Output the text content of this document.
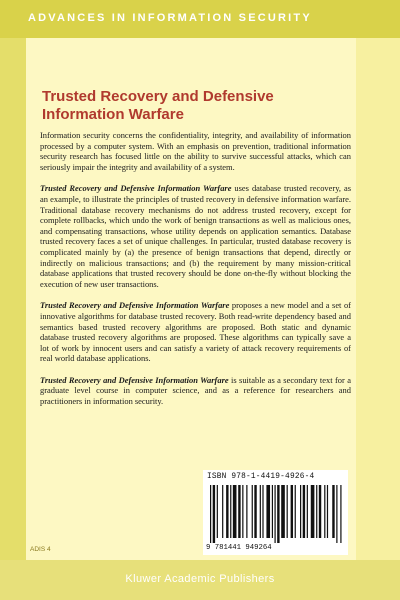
ADVANCES IN INFORMATION SECURITY
Trusted Recovery and Defensive Information Warfare

Information security concerns the confidentiality, integrity, and availability of information processed by a computer system. With an emphasis on prevention, traditional information security research has focused little on the ability to survive successful attacks, which can seriously impair the integrity and availability of a system.

Trusted Recovery and Defensive Information Warfare uses database trusted recovery, as an example, to illustrate the principles of trusted recovery in defensive information warfare. Traditional database recovery mechanisms do not address trusted recovery, except for complete rollbacks, which undo the work of benign transactions as well as malicious ones, and compensating transactions, whose utility depends on application semantics. Database trusted recovery faces a set of unique challenges. In particular, trusted database recovery is complicated mainly by (a) the presence of benign transactions that depend, directly or indirectly on malicious transactions; and (b) the requirement by many mission-critical database applications that trusted recovery should be done on-the-fly without blocking the execution of new user transactions.

Trusted Recovery and Defensive Information Warfare proposes a new model and a set of innovative algorithms for database trusted recovery. Both read-write dependency based and semantics based trusted recovery algorithms are proposed. Both static and dynamic database trusted recovery algorithms are proposed. These algorithms can typically save a lot of work by innocent users and can satisfy a variety of attack recovery requirements of real world database applications.

Trusted Recovery and Defensive Information Warfare is suitable as a secondary text for a graduate level course in computer science, and as a reference for researchers and practitioners in information security.

ISBN 978-1-4419-4926-4
9 781441 949264
ADIS 4
Kluwer Academic Publishers
